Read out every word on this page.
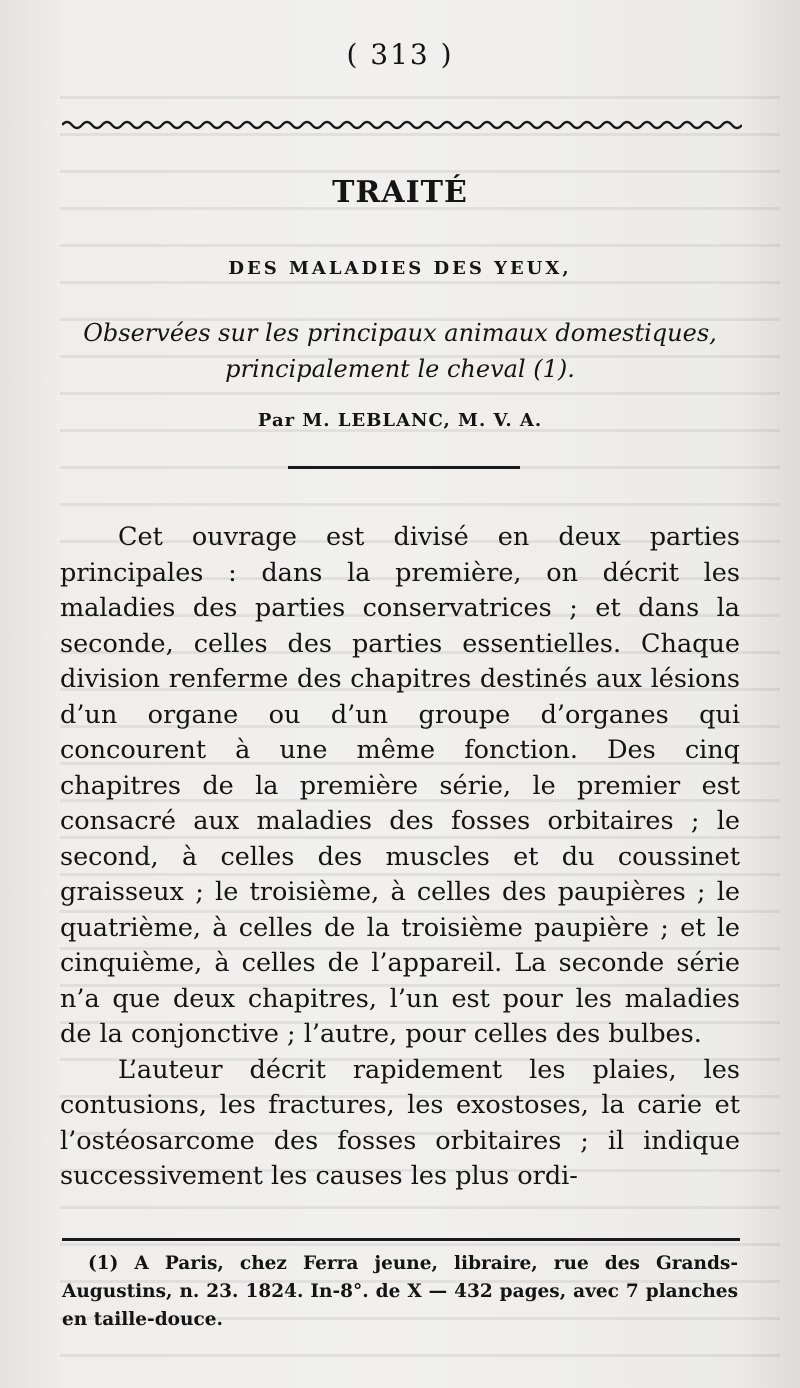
( 313 )
TRAITÉ
DES MALADIES DES YEUX,
Observées sur les principaux animaux domestiques, principalement le cheval (1).
Par M. LEBLANC, M. V. A.

Cet ouvrage est divisé en deux parties principales : dans la première, on décrit les maladies des parties conservatrices ; et dans la seconde, celles des parties essentielles. Chaque division renferme des chapitres destinés aux lésions d’un organe ou d’un groupe d’organes qui concourent à une même fonction. Des cinq chapitres de la première série, le premier est consacré aux maladies des fosses orbitaires ; le second, à celles des muscles et du coussinet graisseux ; le troisième, à celles des paupières ; le quatrième, à celles de la troisième paupière ; et le cinquième, à celles de l’appareil. La seconde série n’a que deux chapitres, l’un est pour les maladies de la conjonctive ; l’autre, pour celles des bulbes.

L’auteur décrit rapidement les plaies, les contusions, les fractures, les exostoses, la carie et l’ostéosarcome des fosses orbitaires ; il indique successivement les causes les plus ordi-

(1) A Paris, chez Ferra jeune, libraire, rue des Grands-Augustins, n. 23. 1824. In-8°. de X — 432 pages, avec 7 planches en taille-douce.
